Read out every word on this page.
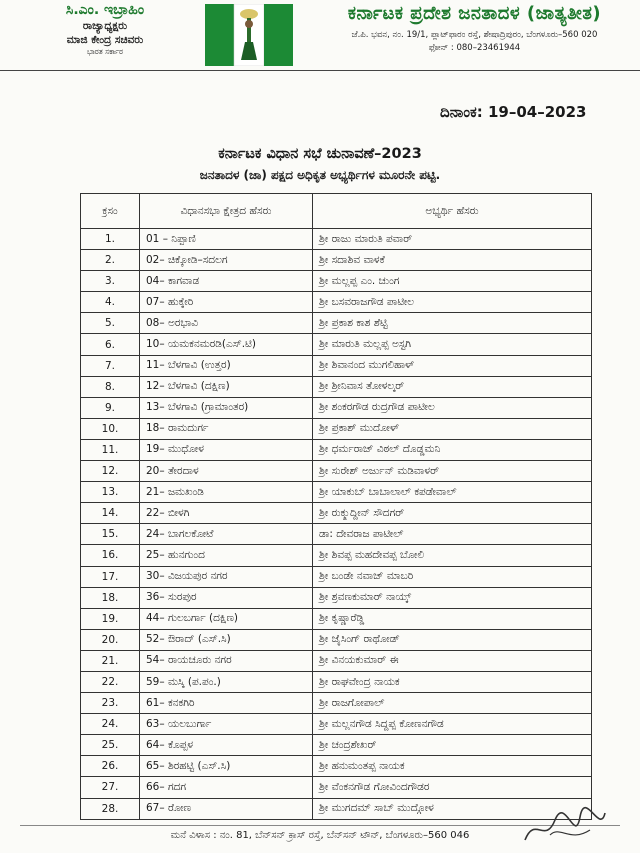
ಸಿ.ಎಂ. ಇಬ್ರಾಹಿಂ
ರಾಜ್ಯಾಧ್ಯಕ್ಷರು
ಮಾಜಿ ಕೇಂದ್ರ ಸಚಿವರು
ಭಾರತ ಸರ್ಕಾರ
ಕರ್ನಾಟಕ ಪ್ರದೇಶ ಜನತಾದಳ (ಜಾತ್ಯತೀತ)
ಜೆ.ಪಿ. ಭವನ, ನಂ. 19/1, ಪ್ಲಾಟ್‌ಫಾರಂ ರಸ್ತೆ, ಶೇಷಾದ್ರಿಪುರಂ, ಬೆಂಗಳೂರು–560 020
ಫೋನ್ : 080–23461944
ದಿನಾಂಕ: 19–04–2023
ಕರ್ನಾಟಕ ವಿಧಾನ ಸಭೆ ಚುನಾವಣೆ–2023
ಜನತಾದಳ (ಜಾ) ಪಕ್ಷದ ಅಧಿಕೃತ ಅಭ್ಯರ್ಥಿಗಳ ಮೂರನೇ ಪಟ್ಟಿ.
ಕ್ರಸಂ	ವಿಧಾನಸಭಾ ಕ್ಷೇತ್ರದ ಹೆಸರು	ಅಭ್ಯರ್ಥಿ ಹೆಸರು
1.	01 – ನಿಪ್ಪಾಣಿ	ಶ್ರೀ ರಾಜು ಮಾರುತಿ ಪವಾರ್
2.	02– ಚಿಕ್ಕೋಡಿ–ಸದಲಗ	ಶ್ರೀ ಸದಾಶಿವ ವಾಳಕೆ
3.	04– ಕಾಗವಾಡ	ಶ್ರೀ ಮಲ್ಲಪ್ಪ ಎಂ. ಚುಂಗ
4.	07– ಹುಕ್ಕೇರಿ	ಶ್ರೀ ಬಸವರಾಜಗೌಡ ಪಾಟೀಲ
5.	08– ಅರಭಾವಿ	ಶ್ರೀ ಪ್ರಕಾಶ ಕಾಶ ಶೆಟ್ಟಿ
6.	10– ಯಮಕನಮರಡಿ(ಎಸ್.ಟಿ)	ಶ್ರೀ ಮಾರುತಿ ಮಲ್ಲಪ್ಪ ಅಸ್ಟಗಿ
7.	11– ಬೆಳಗಾವಿ (ಉತ್ತರ)	ಶ್ರೀ ಶಿವಾನಂದ ಮುಗಲಿಹಾಳ್
8.	12– ಬೆಳಗಾವಿ (ದಕ್ಷಿಣ)	ಶ್ರೀ ಶ್ರೀನಿವಾಸ ತೋಳಲ್ಕರ್
9.	13– ಬೆಳಗಾವಿ (ಗ್ರಾಮಾಂತರ)	ಶ್ರೀ ಶಂಕರಗೌಡ ರುದ್ರಗೌಡ ಪಾಟೀಲ
10.	18– ರಾಮದುರ್ಗ	ಶ್ರೀ ಪ್ರಕಾಶ್ ಮುದೋಳ್
11.	19– ಮುಧೋಳ	ಶ್ರೀ ಧರ್ಮರಾಜ್ ವಿಠಲ್ ದೊಡ್ಡಮನಿ
12.	20– ತೇರದಾಳ	ಶ್ರೀ ಸುರೇಶ್ ಅರ್ಜುನ್ ಮಡಿವಾಳರ್
13.	21– ಜಮಖಂಡಿ	ಶ್ರೀ ಯಾಕುಬ್ ಬಾಬಾಲಾಲ್ ಕಪಡೇವಾಲ್
14.	22– ಬೀಳಗಿ	ಶ್ರೀ ರುಕ್ಮುದ್ದೀನ್ ಸೌದಗರ್
15.	24– ಬಾಗಲಕೋಟೆ	ಡಾ: ದೇವರಾಜ ಪಾಟೀಲ್
16.	25– ಹುನಗುಂದ	ಶ್ರೀ ಶಿವಪ್ಪ ಮಹದೇವಪ್ಪ ಬೋಲಿ
17.	30– ವಿಜಯಪುರ ನಗರ	ಶ್ರೀ ಬಂಡೇ ನವಾಜ್ ಮಾಬರಿ
18.	36– ಸುರಪುರ	ಶ್ರೀ ಶ್ರವಣಕುಮಾರ್ ನಾಯ್ಕ್
19.	44– ಗುಲಬರ್ಗಾ (ದಕ್ಷಿಣ)	ಶ್ರೀ ಕೃಷ್ಣಾರೆಡ್ಡಿ
20.	52– ಔರಾದ್ (ಎಸ್.ಸಿ)	ಶ್ರೀ ಜೈಸಿಂಗ್ ರಾಥೋಡ್
21.	54– ರಾಯಚೂರು ನಗರ	ಶ್ರೀ ವಿನಯಕುಮಾರ್ ಈ
22.	59– ಮಸ್ಕಿ (ಪ.ಪಂ.)	ಶ್ರೀ ರಾಘವೇಂದ್ರ ನಾಯಕ
23.	61– ಕನಕಗಿರಿ	ಶ್ರೀ ರಾಜಗೋಪಾಲ್
24.	63– ಯಲಬುರ್ಗಾ	ಶ್ರೀ ಮಲ್ಲನಗೌಡ ಸಿದ್ದಪ್ಪ ಕೋಣನಗೌಡ
25.	64– ಕೊಪ್ಪಳ	ಶ್ರೀ ಚಂದ್ರಶೇಖರ್
26.	65– ಶಿರಹಟ್ಟಿ (ಎಸ್.ಸಿ)	ಶ್ರೀ ಹನುಮಂತಪ್ಪ ನಾಯಕ
27.	66– ಗದಗ	ಶ್ರೀ ವೆಂಕನಗೌಡ ಗೋವಿಂದಗೌಡರ
28.	67– ರೋಣ	ಶ್ರೀ ಮುಗದಮ್ ಸಾಬ್ ಮುದ್ಗೋಳ
ಮನೆ ವಿಳಾಸ : ನಂ. 81, ಬೆನ್‌ಸನ್ ಕ್ರಾಸ್ ರಸ್ತೆ, ಬೆನ್‌ಸನ್ ಟೌನ್, ಬೆಂಗಳೂರು–560 046
